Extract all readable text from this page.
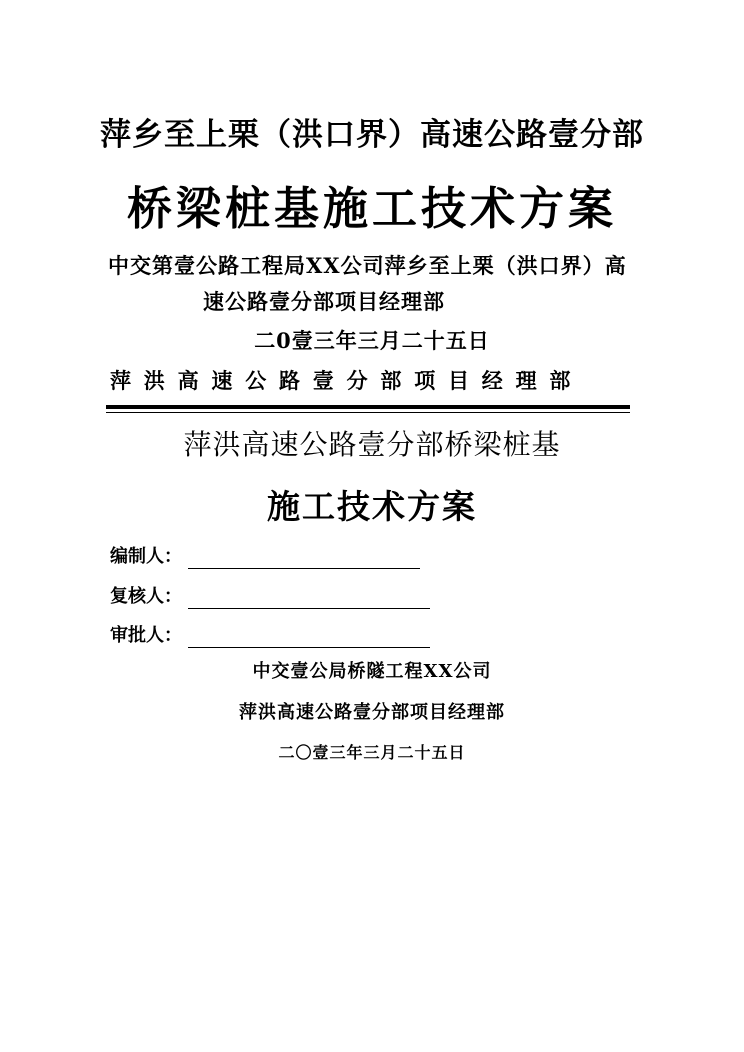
萍乡至上栗（洪口界）高速公路壹分部
桥梁桩基施工技术方案
中交第壹公路工程局XX公司萍乡至上栗（洪口界）高
速公路壹分部项目经理部
二0壹三年三月二十五日
萍洪高速公路壹分部项目经理部
萍洪高速公路壹分部桥梁桩基
施工技术方案
编制人：
复核人：
审批人：
中交壹公局桥隧工程XX公司
萍洪高速公路壹分部项目经理部
二〇壹三年三月二十五日
